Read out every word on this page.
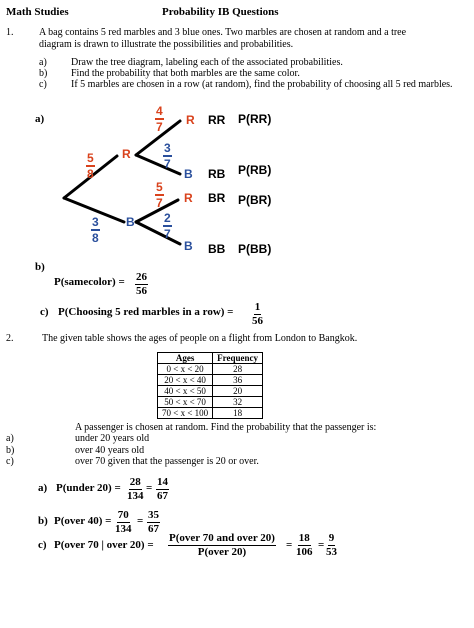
Math Studies	Probability IB Questions
1.	A bag contains 5 red marbles and 3 blue ones. Two marbles are chosen at random and a tree
diagram is drawn to illustrate the possibilities and probabilities.
a) Draw the tree diagram, labeling each of the associated probabilities.
b) Find the probability that both marbles are the same color.
c) If 5 marbles are chosen in a row (at random), find the probability of choosing all 5 red marbles.
a)
$\frac{5}{8}$
$\frac{3}{8}$
$\frac{4}{7}$
$\frac{3}{7}$
$\frac{5}{7}$
$\frac{2}{7}$
R
B
R
B
R
B
RR
RB
BR
BB
P(RR)
P(RB)
P(BR)
P(BB)
b)
P(samecolor) = $\frac{26}{56}$
c) P(Choosing 5 red marbles in a $row) = \frac{1}{56}$
2.	The given table shows the ages of people on a flight from London to Bangkok.
Ages	Frequency
0 < x < 20	28
20 < x < 40	36
40 < x < 50	20
50 < x < 70	32
70 < x < 100	18
A passenger is chosen at random. Find the probability that the passenger is:
a)	under 20 years old
b)	over 40 years old
c)	over 70 given that the passenger is 20 or over.
a) P(under $20) = \frac{28}{134} = \frac{14}{67}$
b) P(over $40) = \frac{70}{134} = \frac{35}{67}$
c) P(over 70 | over 20) =
P(over 70 and over 20)
P(over 20)
= $\frac{18}{106} = \frac{9}{53}$
